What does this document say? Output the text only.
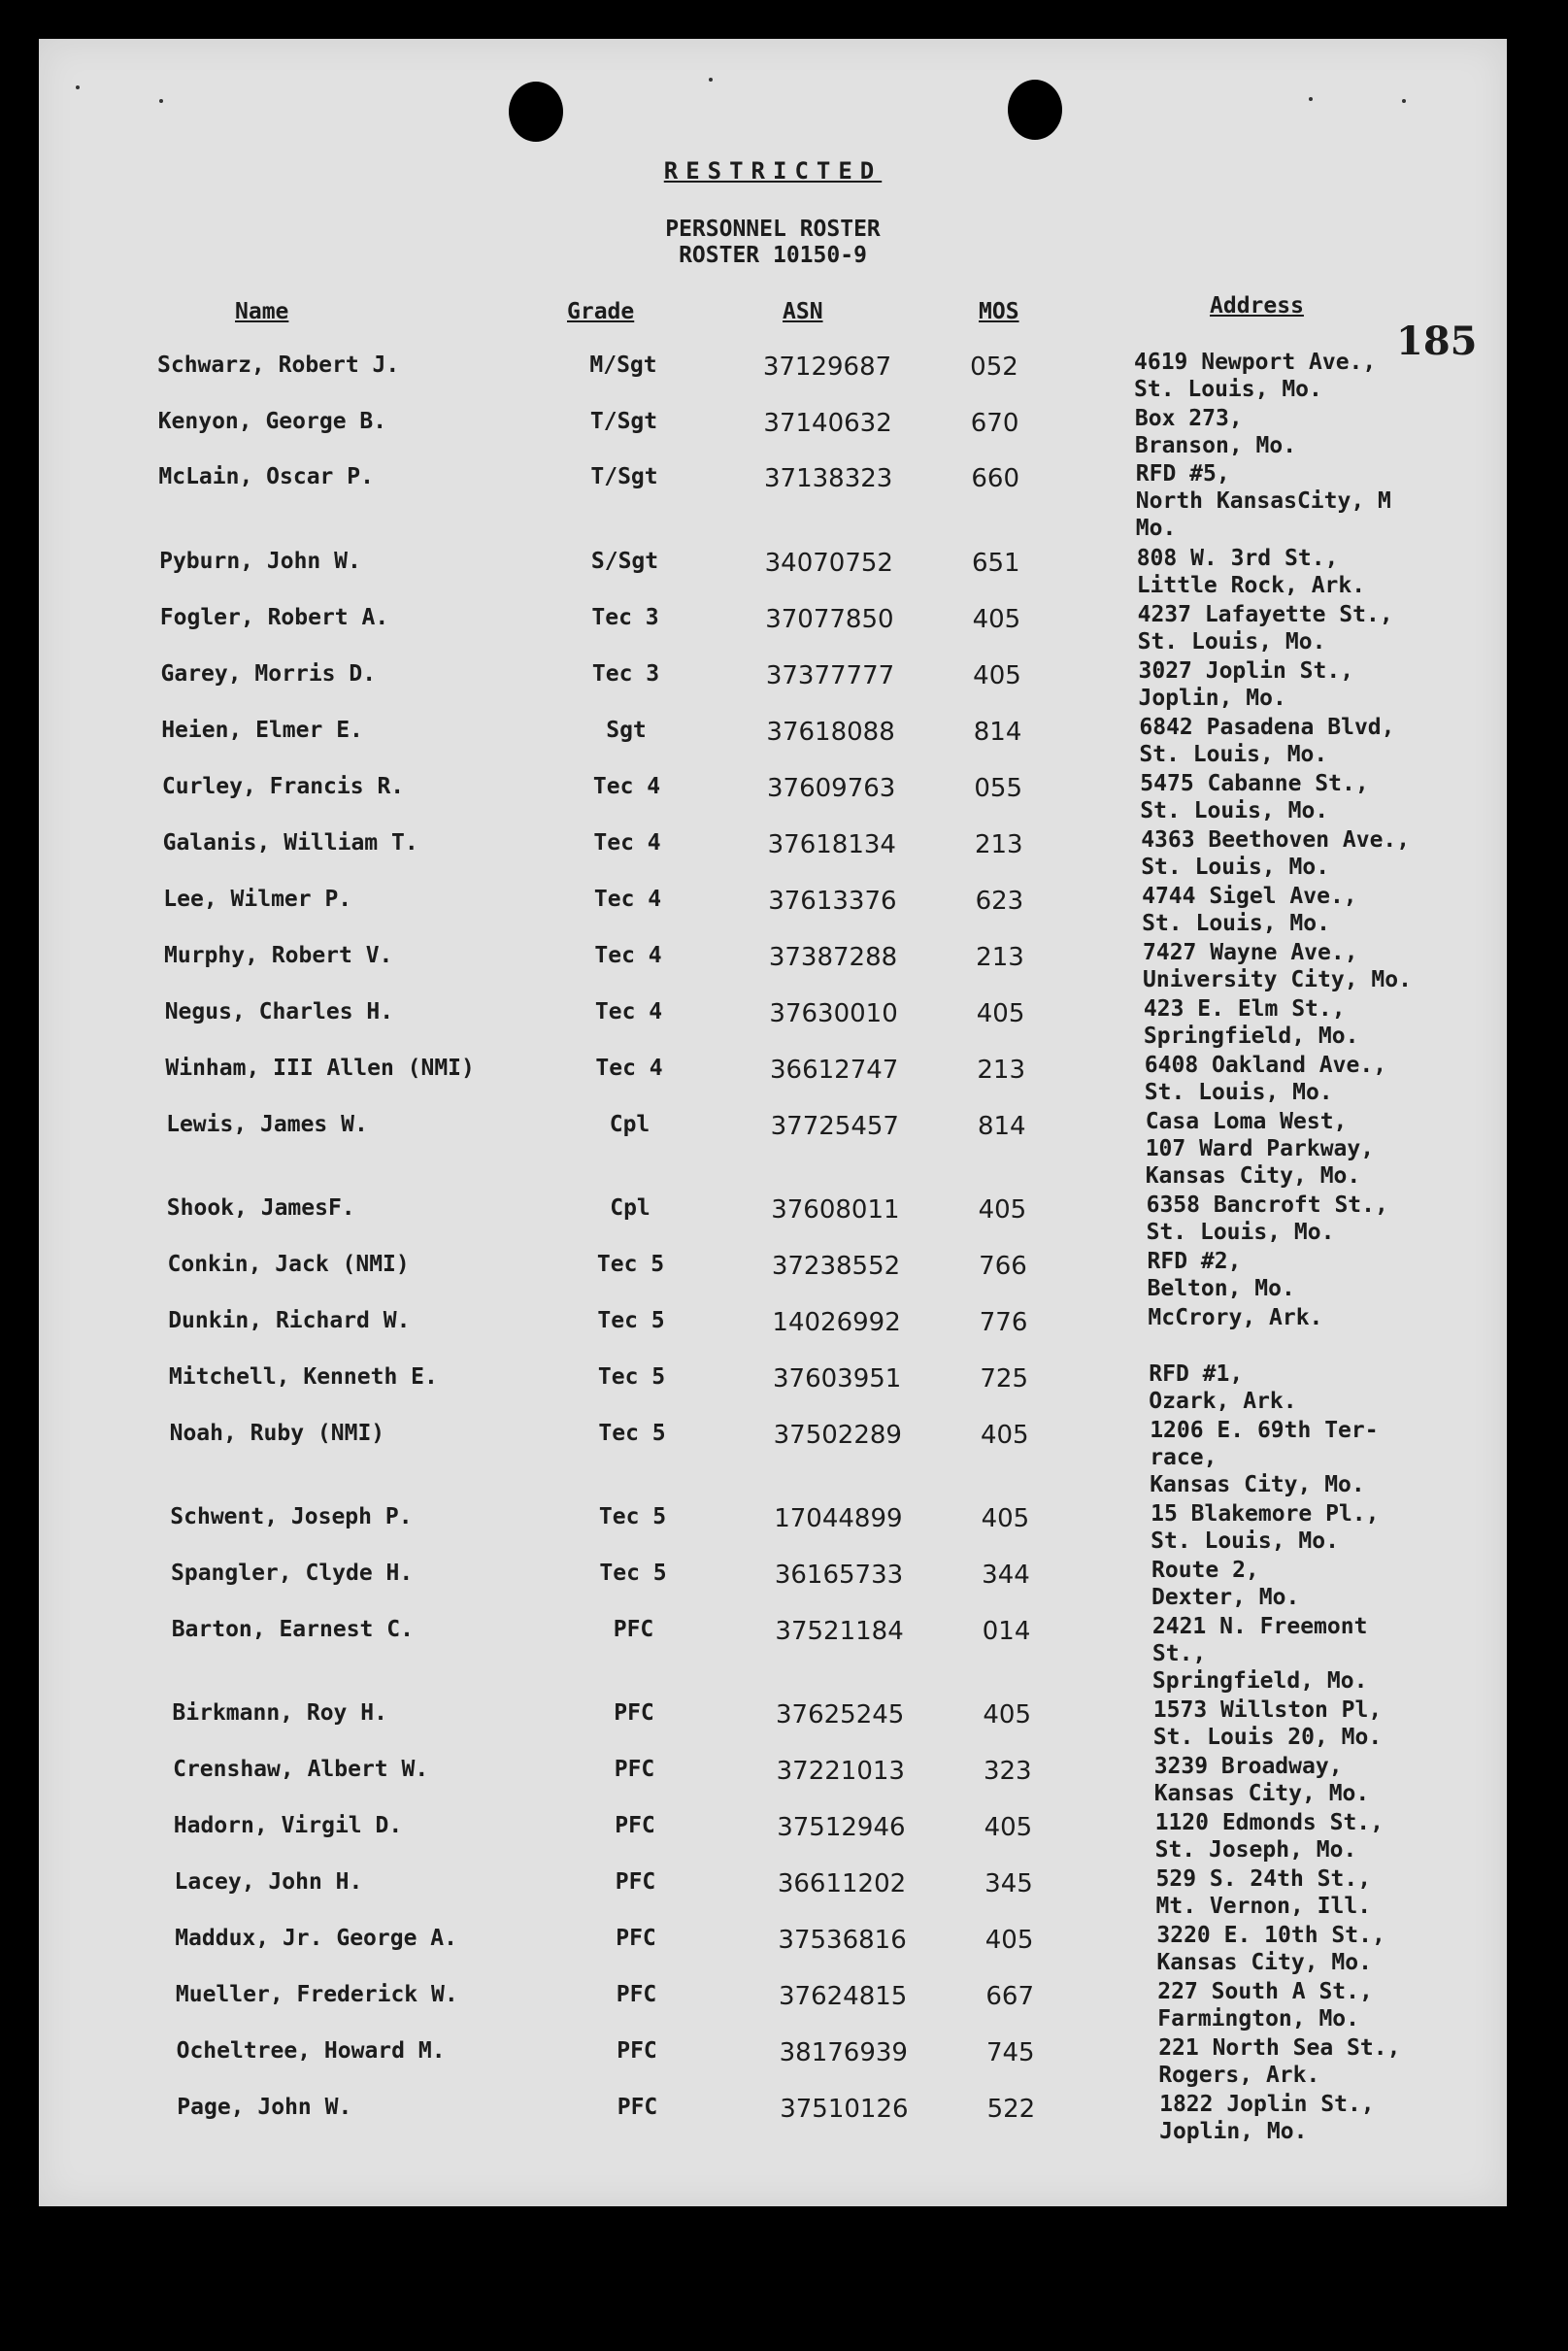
RESTRICTED
PERSONNEL ROSTER
ROSTER 10150-9
Name	Grade	ASN	MOS	Address
185
Schwarz, Robert J.	M/Sgt	37129687	052	4619 Newport Ave.,
St. Louis, Mo.
Kenyon, George B.	T/Sgt	37140632	670	Box 273,
Branson, Mo.
McLain, Oscar P.	T/Sgt	37138323	660	RFD #5,
North KansasCity, M
Mo.
Pyburn, John W.	S/Sgt	34070752	651	808 W. 3rd St.,
Little Rock, Ark.
Fogler, Robert A.	Tec 3	37077850	405	4237 Lafayette St.,
St. Louis, Mo.
Garey, Morris D.	Tec 3	37377777	405	3027 Joplin St.,
Joplin, Mo.
Heien, Elmer E.	Sgt	37618088	814	6842 Pasadena Blvd,
St. Louis, Mo.
Curley, Francis R.	Tec 4	37609763	055	5475 Cabanne St.,
St. Louis, Mo.
Galanis, William T.	Tec 4	37618134	213	4363 Beethoven Ave.,
St. Louis, Mo.
Lee, Wilmer P.	Tec 4	37613376	623	4744 Sigel Ave.,
St. Louis, Mo.
Murphy, Robert V.	Tec 4	37387288	213	7427 Wayne Ave.,
University City, Mo.
Negus, Charles H.	Tec 4	37630010	405	423 E. Elm St.,
Springfield, Mo.
Winham, III Allen (NMI)	Tec 4	36612747	213	6408 Oakland Ave.,
St. Louis, Mo.
Lewis, James W.	Cpl	37725457	814	Casa Loma West,
107 Ward Parkway,
Kansas City, Mo.
Shook, JamesF.	Cpl	37608011	405	6358 Bancroft St.,
St. Louis, Mo.
Conkin, Jack (NMI)	Tec 5	37238552	766	RFD #2,
Belton, Mo.
Dunkin, Richard W.	Tec 5	14026992	776	McCrory, Ark.
Mitchell, Kenneth E.	Tec 5	37603951	725	RFD #1,
Ozark, Ark.
Noah, Ruby (NMI)	Tec 5	37502289	405	1206 E. 69th Ter-
race,
Kansas City, Mo.
Schwent, Joseph P.	Tec 5	17044899	405	15 Blakemore Pl.,
St. Louis, Mo.
Spangler, Clyde H.	Tec 5	36165733	344	Route 2,
Dexter, Mo.
Barton, Earnest C.	PFC	37521184	014	2421 N. Freemont
St.,
Springfield, Mo.
Birkmann, Roy H.	PFC	37625245	405	1573 Willston Pl,
St. Louis 20, Mo.
Crenshaw, Albert W.	PFC	37221013	323	3239 Broadway,
Kansas City, Mo.
Hadorn, Virgil D.	PFC	37512946	405	1120 Edmonds St.,
St. Joseph, Mo.
Lacey, John H.	PFC	36611202	345	529 S. 24th St.,
Mt. Vernon, Ill.
Maddux, Jr. George A.	PFC	37536816	405	3220 E. 10th St.,
Kansas City, Mo.
Mueller, Frederick W.	PFC	37624815	667	227 South A St.,
Farmington, Mo.
Ocheltree, Howard M.	PFC	38176939	745	221 North Sea St.,
Rogers, Ark.
Page, John W.	PFC	37510126	522	1822 Joplin St.,
Joplin, Mo.
